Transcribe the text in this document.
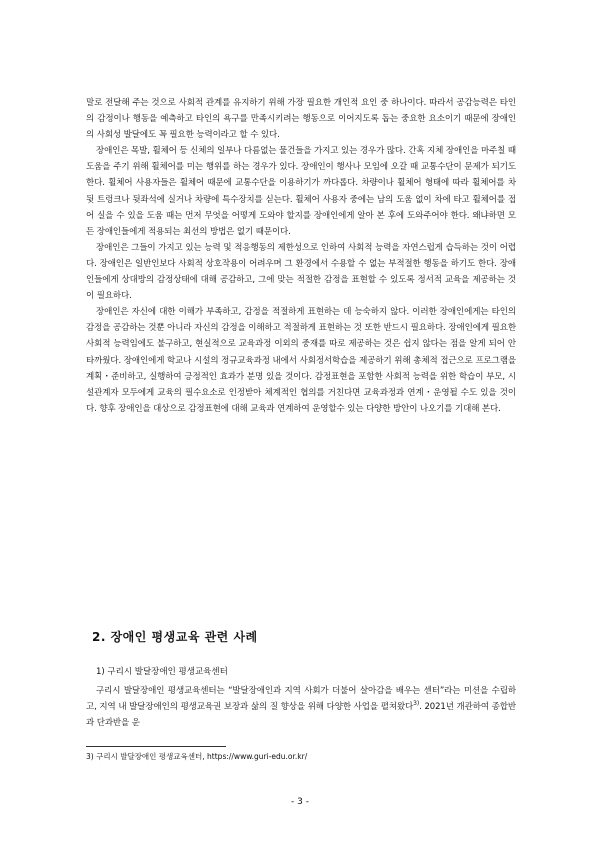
말로 전달해 주는 것으로 사회적 관계를 유지하기 위해 가장 필요한 개인적 요인 중 하나이다. 따라서 공감능력은 타인의 감정이나 행동을 예측하고 타인의 욕구를 만족시키려는 행동으로 이어지도록 돕는 중요한 요소이기 때문에 장애인의 사회성 발달에도 꼭 필요한 능력이라고 할 수 있다.

장애인은 목발, 휠체어 등 신체의 일부나 다름없는 물건들을 가지고 있는 경우가 많다. 간혹 지체 장애인을 마주칠 때 도움을 주기 위해 휠체어를 미는 행위를 하는 경우가 있다. 장애인이 행사나 모임에 오갈 때 교통수단이 문제가 되기도 한다. 휠체어 사용자들은 휠체어 때문에 교통수단을 이용하기가 까다롭다. 차량이나 휠체어 형태에 따라 휠체어를 차 뒷 트렁크나 뒷좌석에 실거나 차량에 특수장치를 싣는다. 휠체어 사용자 중에는 남의 도움 없이 차에 타고 휠체어를 접어 실을 수 있을 도움 때는 먼저 무엇을 어떻게 도와야 할지를 장애인에게 알아 본 후에 도와주어야 한다. 왜냐하면 모든 장애인들에게 적용되는 최선의 방법은 없기 때문이다.

장애인은 그들이 가지고 있는 능력 및 적응행동의 제한성으로 인하여 사회적 능력을 자연스럽게 습득하는 것이 어렵다. 장애인은 일반인보다 사회적 상호작용이 어려우며 그 환경에서 수용할 수 없는 부적절한 행동을 하기도 한다. 장애인들에게 상대방의 감정상태에 대해 공감하고, 그에 맞는 적절한 감정을 표현할 수 있도록 정서적 교육을 제공하는 것이 필요하다.

장애인은 자신에 대한 이해가 부족하고, 감정을 적절하게 표현하는 데 능숙하지 않다. 이러한 장애인에게는 타인의 감정을 공감하는 것뿐 아니라 자신의 감정을 이해하고 적절하게 표현하는 것 또한 반드시 필요하다. 장애인에게 필요한 사회적 능력임에도 불구하고, 현실적으로 교육과정 이외의 중재를 따로 제공하는 것은 쉽지 않다는 점을 알게 되어 안타까웠다. 장애인에게 학교나 시설의 정규교육과정 내에서 사회정서학습을 제공하기 위해 총체적 접근으로 프로그램을 계획・준비하고, 실행하여 긍정적인 효과가 분명 있을 것이다. 감정표현을 포함한 사회적 능력을 위한 학습이 부모, 시설관계자 모두에게 교육의 필수요소로 인정받아 체계적인 협의를 거친다면 교육과정과 연계・운영될 수도 있을 것이다. 향후 장애인을 대상으로 감정표현에 대해 교육과 연계하여 운영할수 있는 다양한 방안이 나오기를 기대해 본다.

2. 장애인 평생교육 관련 사례
1) 구리시 발달장애인 평생교육센터

구리시 발달장애인 평생교육센터는 “발달장애인과 지역 사회가 더불어 살아감을 배우는 센터”라는 미션을 수립하고, 지역 내 발달장애인의 평생교육권 보장과 삶의 질 향상을 위해 다양한 사업을 펼쳐왔다$^{3)}$. 2021년 개관하여 종합반과 단과반을 운

3) 구리시 발달장애인 평생교육센터, https://www.guri-edu.or.kr/
- 3 -
